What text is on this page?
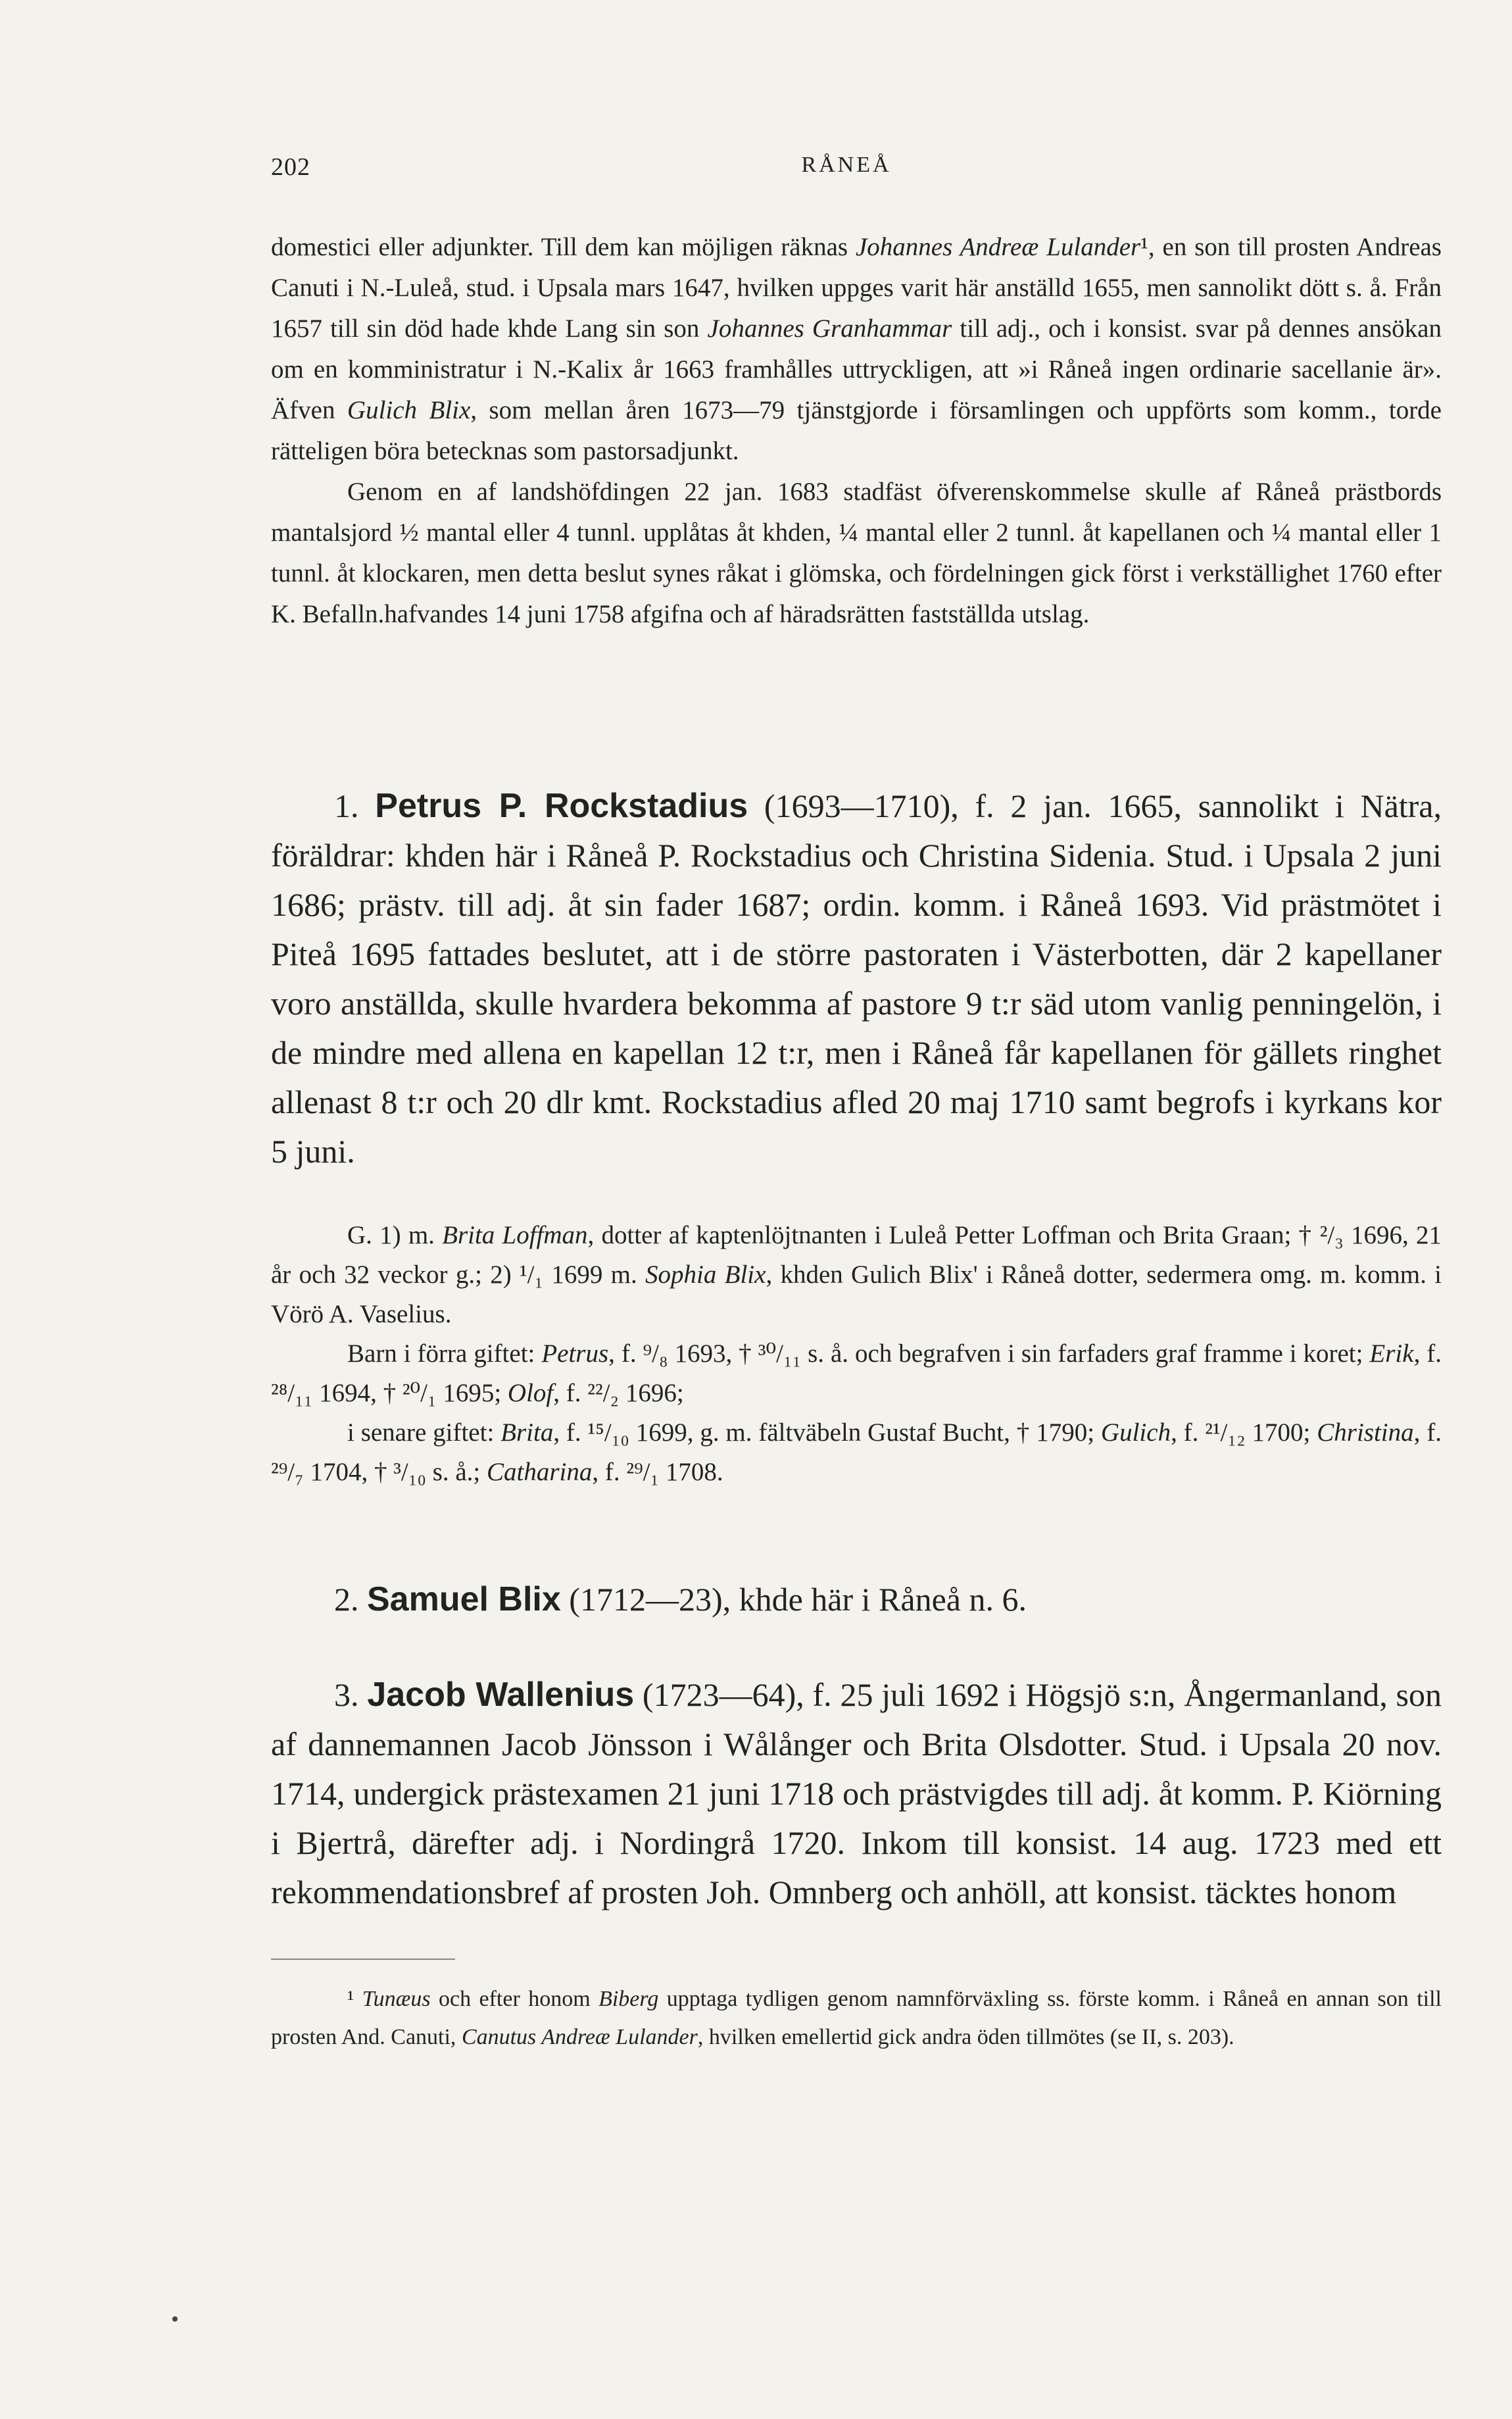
202	RÅNEÅ

domestici eller adjunkter. Till dem kan möjligen räknas Johannes Andreæ Lulander¹, en son till prosten Andreas Canuti i N.-Luleå, stud. i Upsala mars 1647, hvilken uppges varit här anställd 1655, men sannolikt dött s. å. Från 1657 till sin död hade khde Lang sin son Johannes Granhammar till adj., och i konsist. svar på dennes ansökan om en komministratur i N.-Kalix år 1663 framhålles uttryckligen, att »i Råneå ingen ordinarie sacellanie är». Äfven Gulich Blix, som mellan åren 1673—79 tjänstgjorde i församlingen och uppförts som komm., torde rätteligen böra betecknas som pastorsadjunkt.

Genom en af landshöfdingen 22 jan. 1683 stadfäst öfverenskommelse skulle af Råneå prästbords mantalsjord ½ mantal eller 4 tunnl. upplåtas åt khden, ¼ mantal eller 2 tunnl. åt kapellanen och ¼ mantal eller 1 tunnl. åt klockaren, men detta beslut synes råkat i glömska, och fördelningen gick först i verkställighet 1760 efter K. Befalln.hafvandes 14 juni 1758 afgifna och af häradsrätten fastställda utslag.

1. Petrus P. Rockstadius (1693—1710), f. 2 jan. 1665, sannolikt i Nätra, föräldrar: khden här i Råneå P. Rockstadius och Christina Sidenia. Stud. i Upsala 2 juni 1686; prästv. till adj. åt sin fader 1687; ordin. komm. i Råneå 1693. Vid prästmötet i Piteå 1695 fattades beslutet, att i de större pastoraten i Västerbotten, där 2 kapellaner voro anställda, skulle hvardera bekomma af pastore 9 t:r säd utom vanlig penningelön, i de mindre med allena en kapellan 12 t:r, men i Råneå får kapellanen för gällets ringhet allenast 8 t:r och 20 dlr kmt. Rockstadius afled 20 maj 1710 samt begrofs i kyrkans kor 5 juni.

G. 1) m. Brita Loffman, dotter af kaptenlöjtnanten i Luleå Petter Loffman och Brita Graan; † ²/₃ 1696, 21 år och 32 veckor g.; 2) ¹/₁ 1699 m. Sophia Blix, khden Gulich Blix' i Råneå dotter, sedermera omg. m. komm. i Vörö A. Vaselius.

Barn i förra giftet: Petrus, f. ⁹/₈ 1693, † ³⁰/₁₁ s. å. och begrafven i sin farfaders graf framme i koret; Erik, f. ²⁸/₁₁ 1694, † ²⁰/₁ 1695; Olof, f. ²²/₂ 1696;

i senare giftet: Brita, f. ¹⁵/₁₀ 1699, g. m. fältväbeln Gustaf Bucht, † 1790; Gulich, f. ²¹/₁₂ 1700; Christina, f. ²⁹/₇ 1704, † ³/₁₀ s. å.; Catharina, f. ²⁹/₁ 1708.

2. Samuel Blix (1712—23), khde här i Råneå n. 6.

3. Jacob Wallenius (1723—64), f. 25 juli 1692 i Högsjö s:n, Ångermanland, son af dannemannen Jacob Jönsson i Wålånger och Brita Olsdotter. Stud. i Upsala 20 nov. 1714, undergick prästexamen 21 juni 1718 och prästvigdes till adj. åt komm. P. Kiörning i Bjertrå, därefter adj. i Nordingrå 1720. Inkom till konsist. 14 aug. 1723 med ett rekommendationsbref af prosten Joh. Omnberg och anhöll, att konsist. täcktes honom

¹ Tunæus och efter honom Biberg upptaga tydligen genom namnförväxling ss. förste komm. i Råneå en annan son till prosten And. Canuti, Canutus Andreæ Lulander, hvilken emellertid gick andra öden tillmötes (se II, s. 203).
